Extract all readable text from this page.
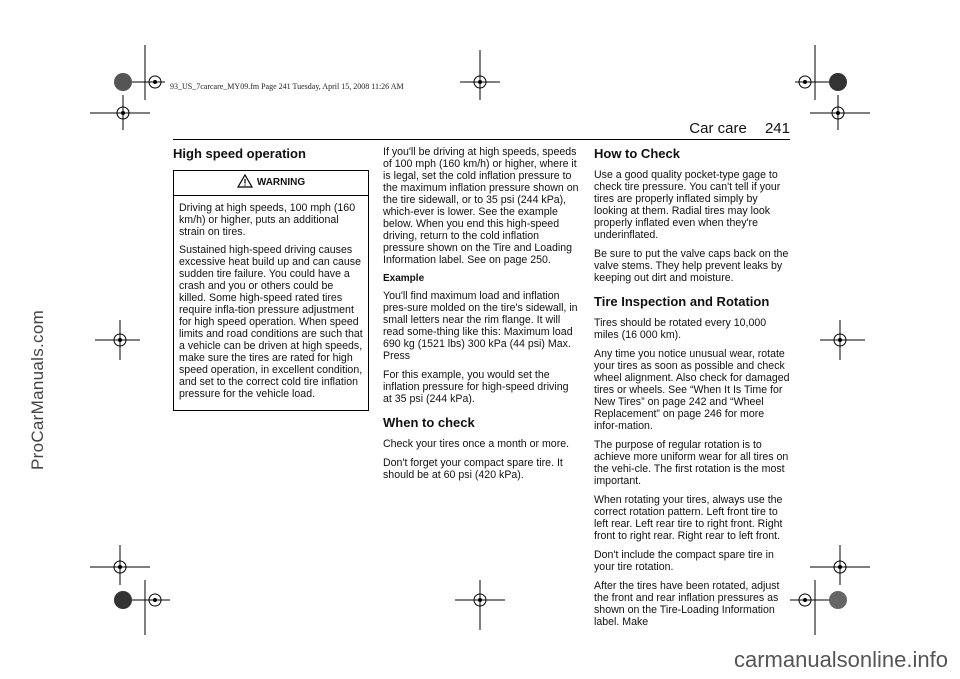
93_US_7carcare_MY09.fm Page 241 Tuesday, April 15, 2008 11:26 AM
Car care 241
ProCarManuals.com
carmanualsonline.info
High speed operation
WARNING

Driving at high speeds, 100 mph (160 km/h) or higher, puts an additional strain on tires.

Sustained high-speed driving causes excessive heat build up and can cause sudden tire failure. You could have a crash and you or others could be killed. Some high-speed rated tires require infla-tion pressure adjustment for high speed operation. When speed limits and road conditions are such that a vehicle can be driven at high speeds, make sure the tires are rated for high speed operation, in excellent condition, and set to the correct cold tire inflation pressure for the vehicle load.

If you'll be driving at high speeds, speeds of 100 mph (160 km/h) or higher, where it is legal, set the cold inflation pressure to the maximum inflation pressure shown on the tire sidewall, or to 35 psi (244 kPa), which-ever is lower. See the example below. When you end this high-speed driving, return to the cold inflation pressure shown on the Tire and Loading Information label. See on page 250.

Example

You'll find maximum load and inflation pres-sure molded on the tire's sidewall, in small letters near the rim flange. It will read some-thing like this: Maximum load 690 kg (1521 lbs) 300 kPa (44 psi) Max. Press

For this example, you would set the inflation pressure for high-speed driving at 35 psi (244 kPa).

When to check

Check your tires once a month or more.

Don't forget your compact spare tire. It should be at 60 psi (420 kPa).

How to Check

Use a good quality pocket-type gage to check tire pressure. You can't tell if your tires are properly inflated simply by looking at them. Radial tires may look properly inflated even when they're underinflated.

Be sure to put the valve caps back on the valve stems. They help prevent leaks by keeping out dirt and moisture.

Tire Inspection and Rotation

Tires should be rotated every 10,000 miles (16 000 km).

Any time you notice unusual wear, rotate your tires as soon as possible and check wheel alignment. Also check for damaged tires or wheels. See “When It Is Time for New Tires” on page 242 and “Wheel Replacement” on page 246 for more infor-mation.

The purpose of regular rotation is to achieve more uniform wear for all tires on the vehi-cle. The first rotation is the most important.

When rotating your tires, always use the correct rotation pattern. Left front tire to left rear. Left rear tire to right front. Right front to right rear. Right rear to left front.

Don't include the compact spare tire in your tire rotation.

After the tires have been rotated, adjust the front and rear inflation pressures as shown on the Tire-Loading Information label. Make
